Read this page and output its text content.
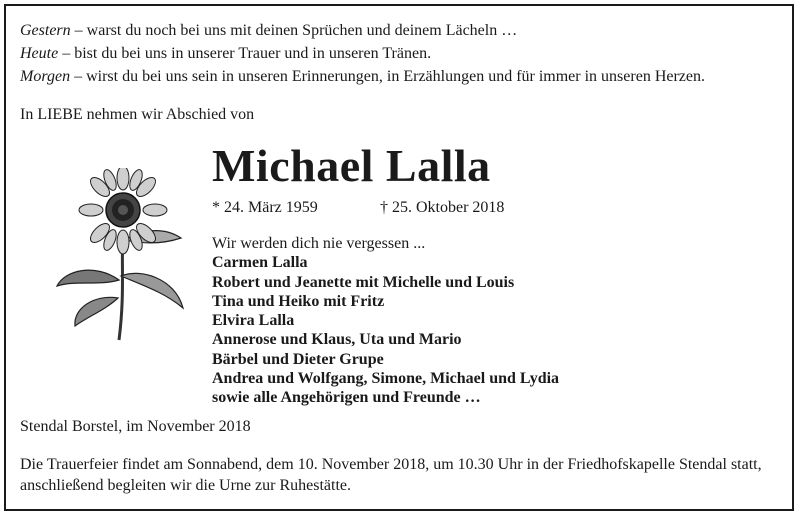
Gestern – warst du noch bei uns mit deinen Sprüchen und deinem Lächeln …
Heute – bist du bei uns in unserer Trauer und in unseren Tränen.
Morgen – wirst du bei uns sein in unseren Erinnerungen, in Erzählungen und für immer in unseren Herzen.
In LIEBE nehmen wir Abschied von
Michael Lalla
* 24. März 1959	† 25. Oktober 2018
Wir werden dich nie vergessen ...
Carmen Lalla
Robert und Jeanette mit Michelle und Louis
Tina und Heiko mit Fritz
Elvira Lalla
Annerose und Klaus, Uta und Mario
Bärbel und Dieter Grupe
Andrea und Wolfgang, Simone, Michael und Lydia
sowie alle Angehörigen und Freunde …
Stendal Borstel, im November 2018
Die Trauerfeier findet am Sonnabend, dem 10. November 2018, um 10.30 Uhr in der Friedhofskapelle Stendal statt, anschließend begleiten wir die Urne zur Ruhestätte.
